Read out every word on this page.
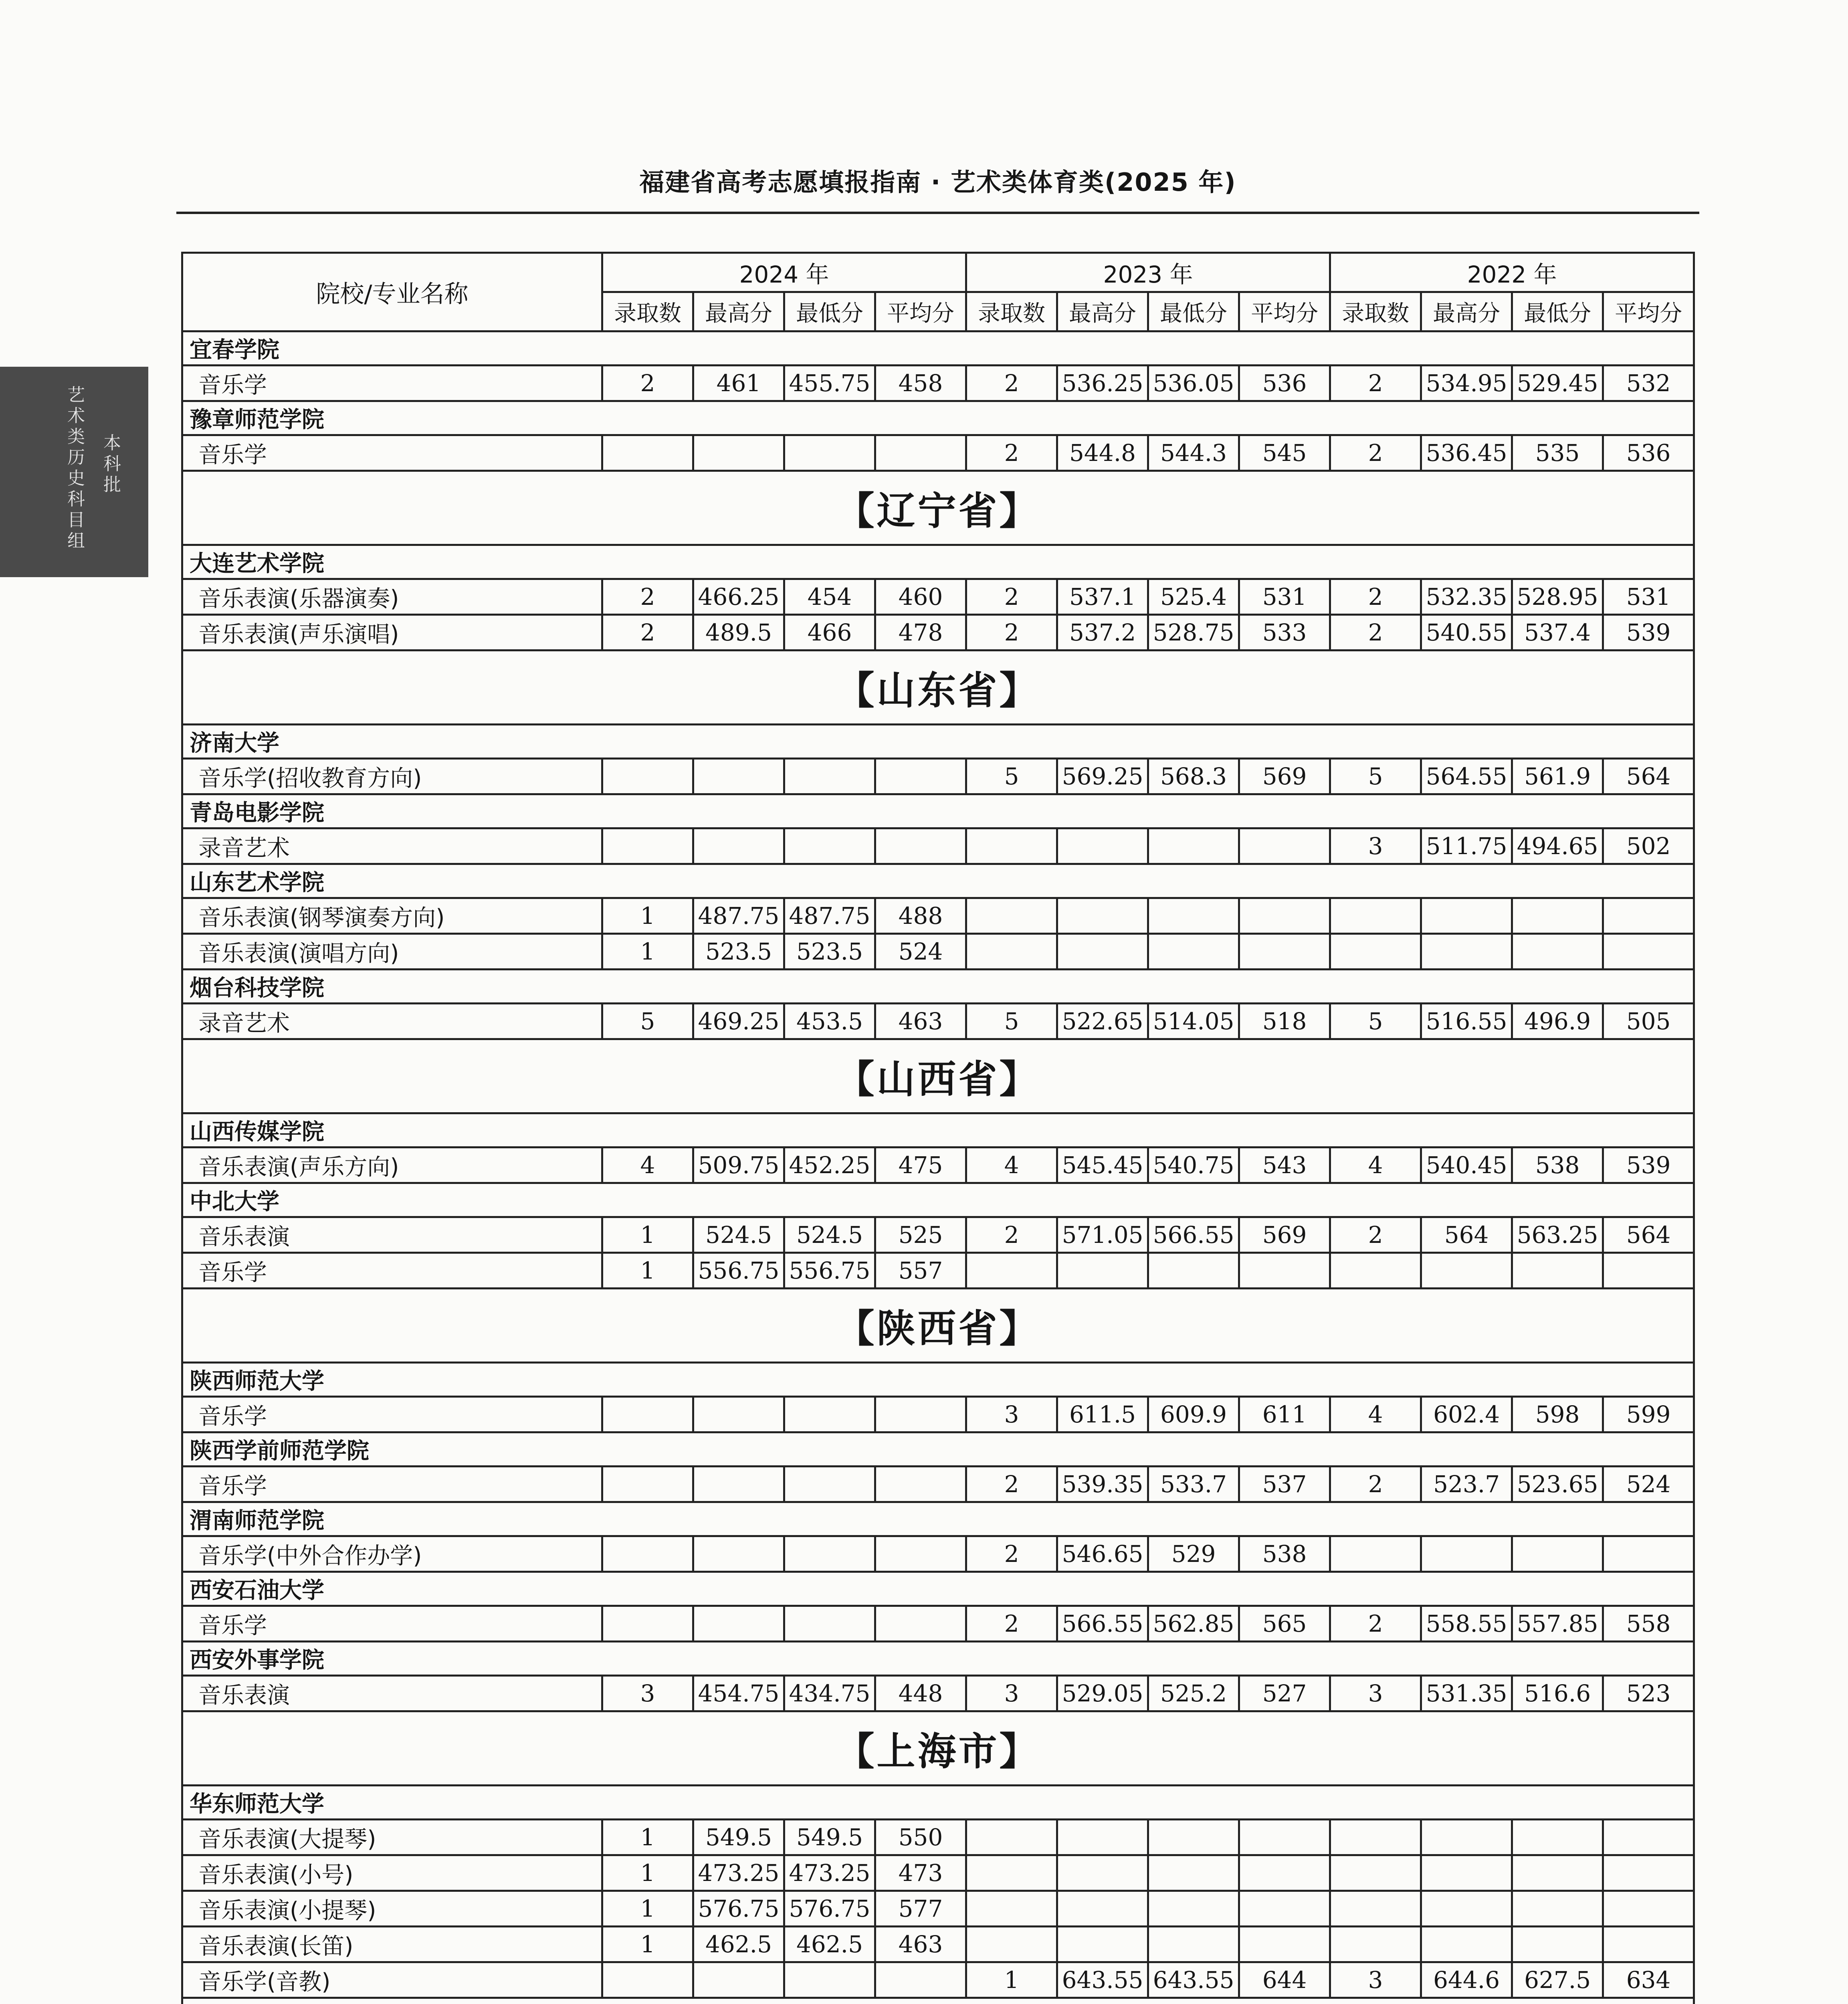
福建省高考志愿填报指南 · 艺术类体育类(2025 年)
本科批
艺术类历史科目组
院校/专业名称	2024 年				2023 年				2022 年			
	录取数	最高分	最低分	平均分	录取数	最高分	最低分	平均分	录取数	最高分	最低分	平均分
宜春学院												
音乐学	2	461	455.75	458	2	536.25	536.05	536	2	534.95	529.45	532
豫章师范学院												
音乐学					2	544.8	544.3	545	2	536.45	535	536
【辽宁省】												
大连艺术学院												
音乐表演(乐器演奏)	2	466.25	454	460	2	537.1	525.4	531	2	532.35	528.95	531
音乐表演(声乐演唱)	2	489.5	466	478	2	537.2	528.75	533	2	540.55	537.4	539
【山东省】												
济南大学												
音乐学(招收教育方向)					5	569.25	568.3	569	5	564.55	561.9	564
青岛电影学院												
录音艺术									3	511.75	494.65	502
山东艺术学院												
音乐表演(钢琴演奏方向)	1	487.75	487.75	488								
音乐表演(演唱方向)	1	523.5	523.5	524								
烟台科技学院												
录音艺术	5	469.25	453.5	463	5	522.65	514.05	518	5	516.55	496.9	505
【山西省】												
山西传媒学院												
音乐表演(声乐方向)	4	509.75	452.25	475	4	545.45	540.75	543	4	540.45	538	539
中北大学												
音乐表演	1	524.5	524.5	525	2	571.05	566.55	569	2	564	563.25	564
音乐学	1	556.75	556.75	557								
【陕西省】												
陕西师范大学												
音乐学					3	611.5	609.9	611	4	602.4	598	599
陕西学前师范学院												
音乐学					2	539.35	533.7	537	2	523.7	523.65	524
渭南师范学院												
音乐学(中外合作办学)					2	546.65	529	538				
西安石油大学												
音乐学					2	566.55	562.85	565	2	558.55	557.85	558
西安外事学院												
音乐表演	3	454.75	434.75	448	3	529.05	525.2	527	3	531.35	516.6	523
【上海市】												
华东师范大学												
音乐表演(大提琴)	1	549.5	549.5	550								
音乐表演(小号)	1	473.25	473.25	473								
音乐表演(小提琴)	1	576.75	576.75	577								
音乐表演(长笛)	1	462.5	462.5	463								
音乐学(音教)					1	643.55	643.55	644	3	644.6	627.5	634
